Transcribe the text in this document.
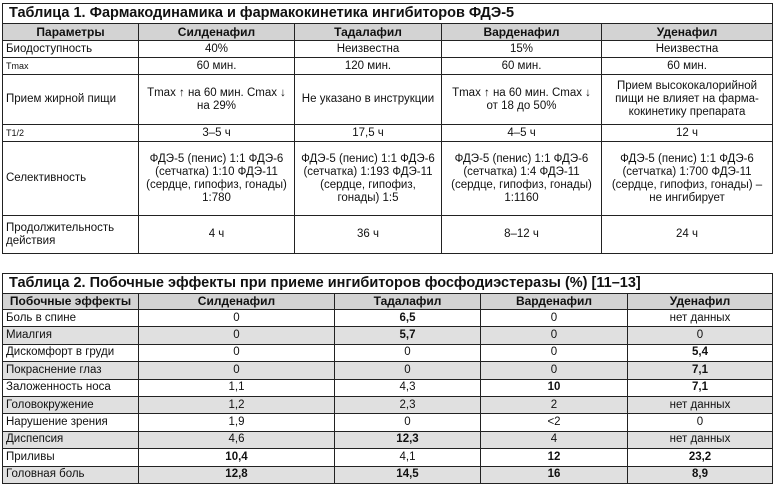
Таблица 1. Фармакодинамика и фармакокинетика ингибиторов ФДЭ-5				
Параметры	Силденафил	Тадалафил	Варденафил	Уденафил
Биодоступность	40%	Неизвестна	15%	Неизвестна
Tmax	60 мин.	120 мин.	60 мин.	60 мин.
Прием жирной пищи	Tmax ↑ на 60 мин. Cmax ↓ на 29%	Не указано в инструкции	Tmax ↑ на 60 мин. Cmax ↓ от 18 до 50%	Прием высококалорийной пищи не влияет на фарма-кокинетику препарата
T1/2	3–5 ч	17,5 ч	4–5 ч	12 ч
Селективность	ФДЭ-5 (пенис) 1:1 ФДЭ-6 (сетчатка) 1:10 ФДЭ-11 (сердце, гипофиз, гонады) 1:780	ФДЭ-5 (пенис) 1:1 ФДЭ-6 (сетчатка) 1:193 ФДЭ-11 (сердце, гипофиз, гонады) 1:5	ФДЭ-5 (пенис) 1:1 ФДЭ-6 (сетчатка) 1:4 ФДЭ-11 (сердце, гипофиз, гонады) 1:1160	ФДЭ-5 (пенис) 1:1 ФДЭ-6 (сетчатка) 1:700 ФДЭ-11 (сердце, гипофиз, гонады) – не ингибирует
Продолжительность действия	4 ч	36 ч	8–12 ч	24 ч
Таблица 2. Побочные эффекты при приеме ингибиторов фосфодиэстеразы (%) [11–13]				
Побочные эффекты	Силденафил	Тадалафил	Варденафил	Уденафил
Боль в спине	0	6,5	0	нет данных
Миалгия	0	5,7	0	0
Дискомфорт в груди	0	0	0	5,4
Покраснение глаз	0	0	0	7,1
Заложенность носа	1,1	4,3	10	7,1
Головокружение	1,2	2,3	2	нет данных
Нарушение зрения	1,9	0	<2	0
Диспепсия	4,6	12,3	4	нет данных
Приливы	10,4	4,1	12	23,2
Головная боль	12,8	14,5	16	8,9
